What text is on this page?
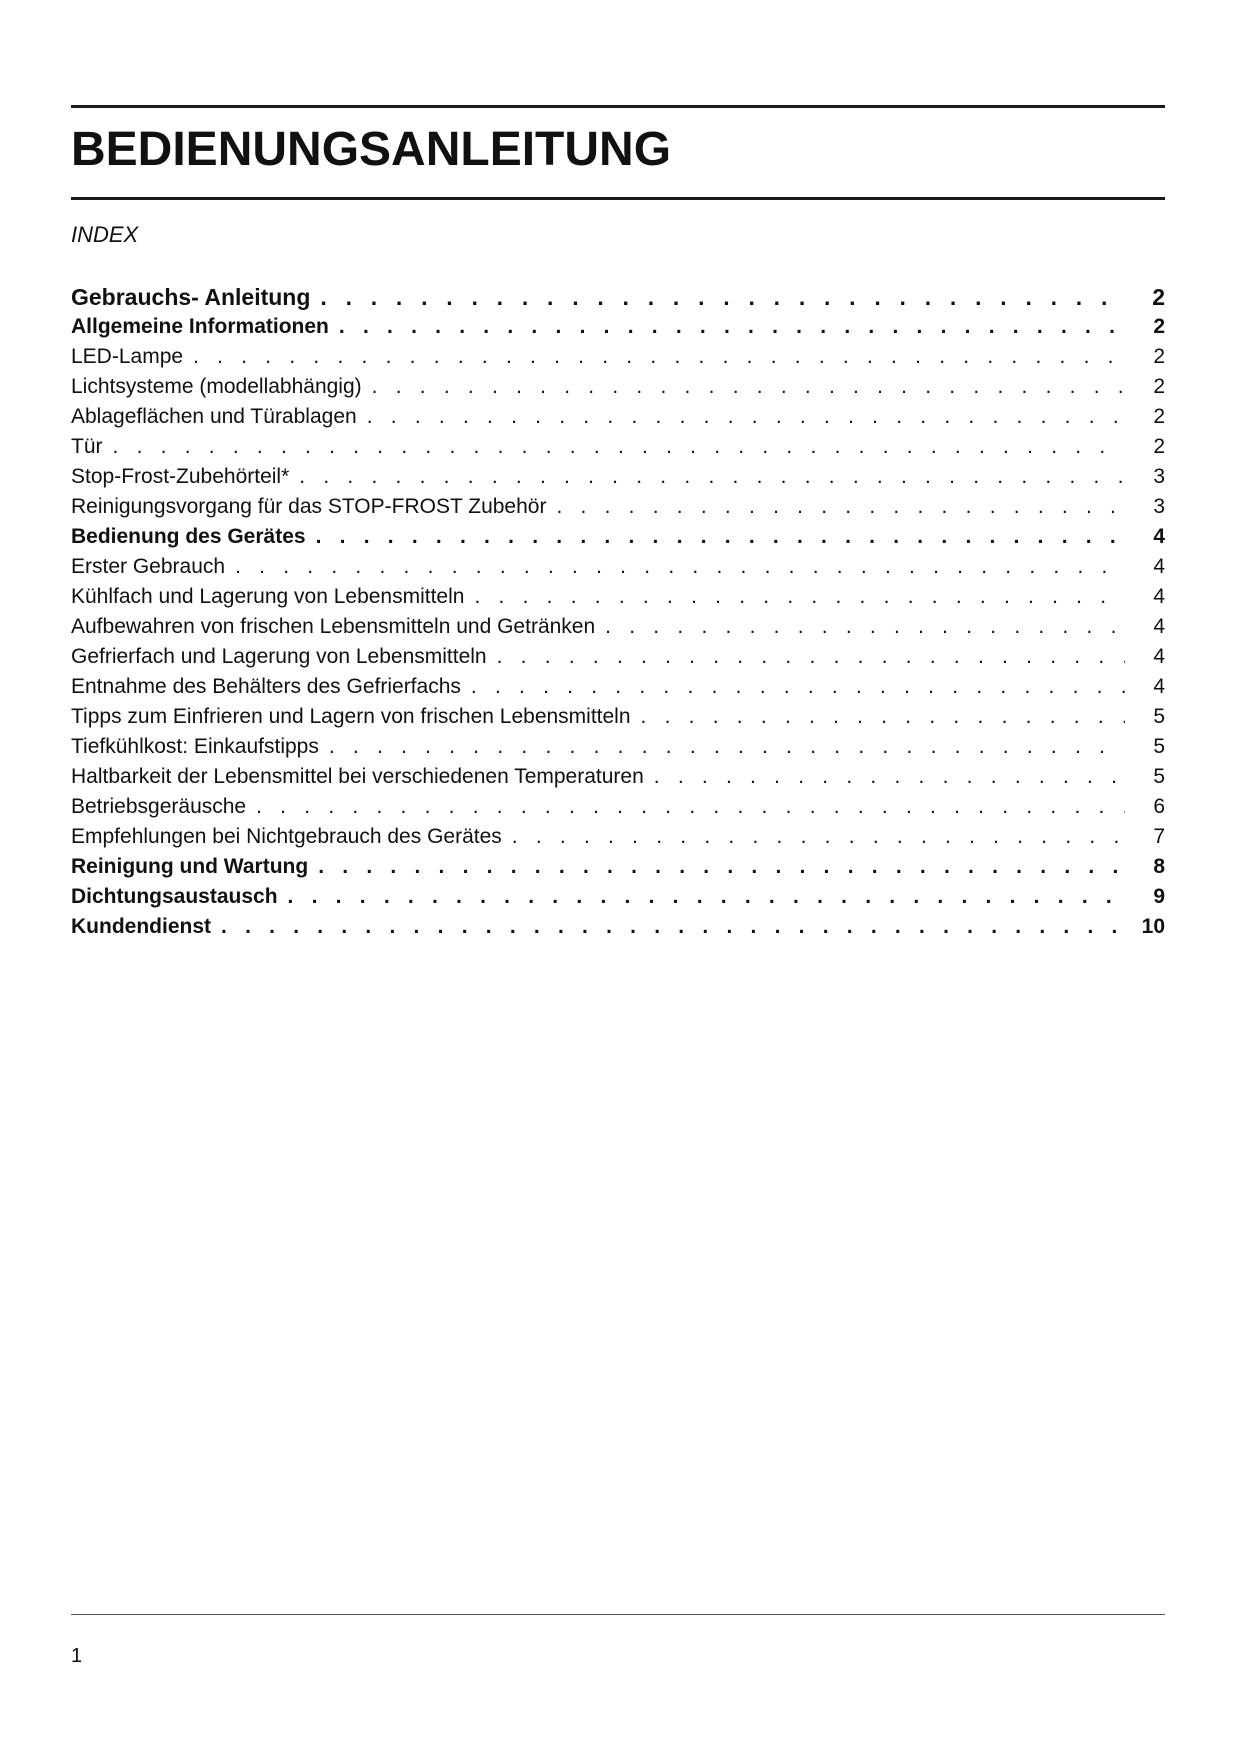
BEDIENUNGSANLEITUNG
INDEX
Gebrauchs- Anleitung . . .	2
Allgemeine Informationen . . .	2
LED-Lampe . . .	2
Lichtsysteme (modellabhängig) . . .	2
Ablageflächen und Türablagen . . .	2
Tür . . .	2
Stop-Frost-Zubehörteil* . . .	3
Reinigungsvorgang für das STOP-FROST Zubehör . . .	3
Bedienung des Gerätes . . .	4
Erster Gebrauch . . .	4
Kühlfach und Lagerung von Lebensmitteln . . .	4
Aufbewahren von frischen Lebensmitteln und Getränken . . .	4
Gefrierfach und Lagerung von Lebensmitteln . . .	4
Entnahme des Behälters des Gefrierfachs . . .	4
Tipps zum Einfrieren und Lagern von frischen Lebensmitteln . . .	5
Tiefkühlkost: Einkaufstipps . . .	5
Haltbarkeit der Lebensmittel bei verschiedenen Temperaturen . . .	5
Betriebsgeräusche . . .	6
Empfehlungen bei Nichtgebrauch des Gerätes . . .	7
Reinigung und Wartung . . .	8
Dichtungsaustausch . . .	9
Kundendienst . . .	10
1
